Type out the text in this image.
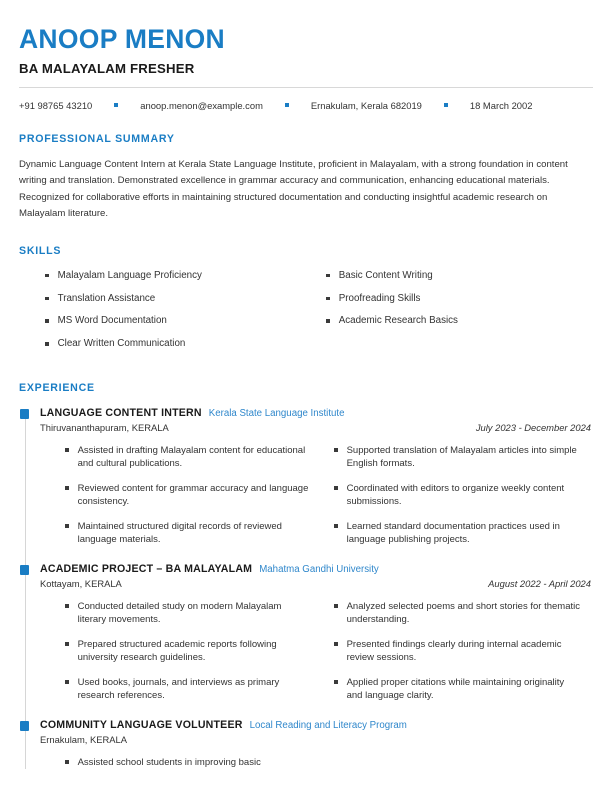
ANOOP MENON
BA MALAYALAM FRESHER
+91 98765 43210	anoop.menon@example.com	Ernakulam, Kerala 682019	18 March 2002
PROFESSIONAL SUMMARY
Dynamic Language Content Intern at Kerala State Language Institute, proficient in Malayalam, with a strong foundation in content writing and translation. Demonstrated excellence in grammar accuracy and communication, enhancing educational materials. Recognized for collaborative efforts in maintaining structured documentation and conducting insightful academic research on Malayalam literature.
SKILLS
Malayalam Language Proficiency
Translation Assistance
MS Word Documentation
Clear Written Communication
Basic Content Writing
Proofreading Skills
Academic Research Basics
EXPERIENCE
LANGUAGE CONTENT INTERN Kerala State Language Institute
Thiruvananthapuram, KERALA	July 2023 - December 2024
Assisted in drafting Malayalam content for educational and cultural publications.
Reviewed content for grammar accuracy and language consistency.
Maintained structured digital records of reviewed language materials.
Supported translation of Malayalam articles into simple English formats.
Coordinated with editors to organize weekly content submissions.
Learned standard documentation practices used in language publishing projects.
ACADEMIC PROJECT – BA MALAYALAM Mahatma Gandhi University
Kottayam, KERALA	August 2022 - April 2024
Conducted detailed study on modern Malayalam literary movements.
Prepared structured academic reports following university research guidelines.
Used books, journals, and interviews as primary research references.
Analyzed selected poems and short stories for thematic understanding.
Presented findings clearly during internal academic review sessions.
Applied proper citations while maintaining originality and language clarity.
COMMUNITY LANGUAGE VOLUNTEER Local Reading and Literacy Program
Ernakulam, KERALA
Assisted school students in improving basic
